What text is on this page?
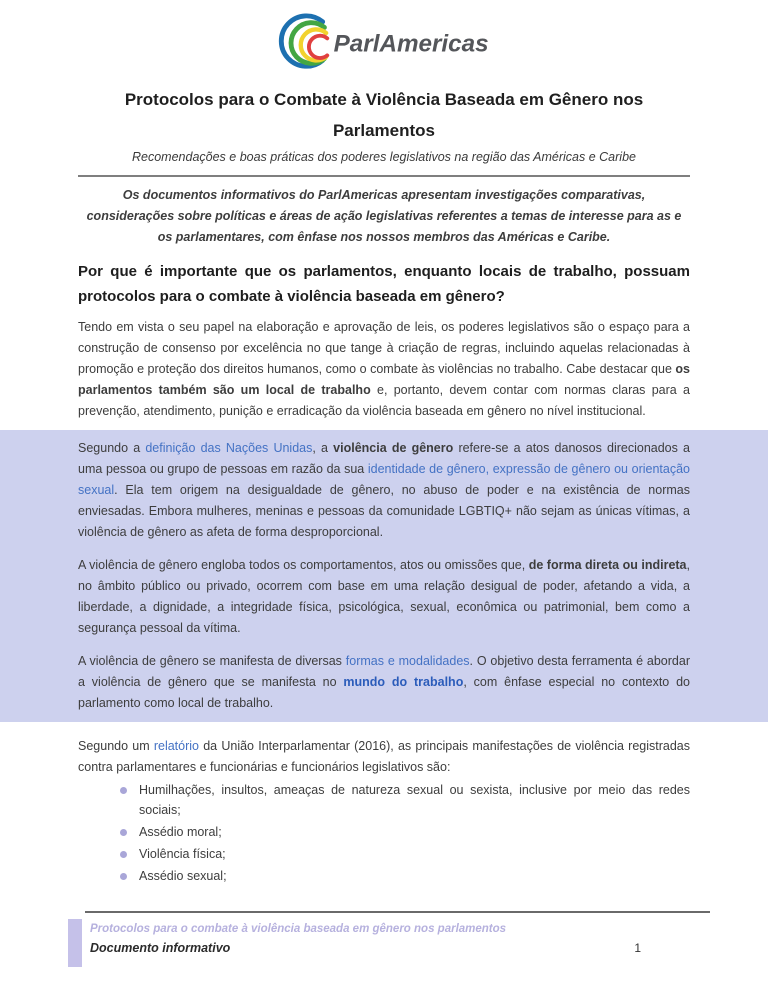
ParlAmericas
Protocolos para o Combate à Violência Baseada em Gênero nos Parlamentos
Recomendações e boas práticas dos poderes legislativos na região das Américas e Caribe
Os documentos informativos do ParlAmericas apresentam investigações comparativas, considerações sobre políticas e áreas de ação legislativas referentes a temas de interesse para as e os parlamentares, com ênfase nos nossos membros das Américas e Caribe.
Por que é importante que os parlamentos, enquanto locais de trabalho, possuam protocolos para o combate à violência baseada em gênero?
Tendo em vista o seu papel na elaboração e aprovação de leis, os poderes legislativos são o espaço para a construção de consenso por excelência no que tange à criação de regras, incluindo aquelas relacionadas à promoção e proteção dos direitos humanos, como o combate às violências no trabalho. Cabe destacar que os parlamentos também são um local de trabalho e, portanto, devem contar com normas claras para a prevenção, atendimento, punição e erradicação da violência baseada em gênero no nível institucional.
Segundo a definição das Nações Unidas, a violência de gênero refere-se a atos danosos direcionados a uma pessoa ou grupo de pessoas em razão da sua identidade de gênero, expressão de gênero ou orientação sexual. Ela tem origem na desigualdade de gênero, no abuso de poder e na existência de normas enviesadas. Embora mulheres, meninas e pessoas da comunidade LGBTIQ+ não sejam as únicas vítimas, a violência de gênero as afeta de forma desproporcional.
A violência de gênero engloba todos os comportamentos, atos ou omissões que, de forma direta ou indireta, no âmbito público ou privado, ocorrem com base em uma relação desigual de poder, afetando a vida, a liberdade, a dignidade, a integridade física, psicológica, sexual, econômica ou patrimonial, bem como a segurança pessoal da vítima.
A violência de gênero se manifesta de diversas formas e modalidades. O objetivo desta ferramenta é abordar a violência de gênero que se manifesta no mundo do trabalho, com ênfase especial no contexto do parlamento como local de trabalho.
Segundo um relatório da União Interparlamentar (2016), as principais manifestações de violência registradas contra parlamentares e funcionárias e funcionários legislativos são:
Humilhações, insultos, ameaças de natureza sexual ou sexista, inclusive por meio das redes sociais;
Assédio moral;
Violência física;
Assédio sexual;
Protocolos para o combate à violência baseada em gênero nos parlamentos
Documento informativo	1
